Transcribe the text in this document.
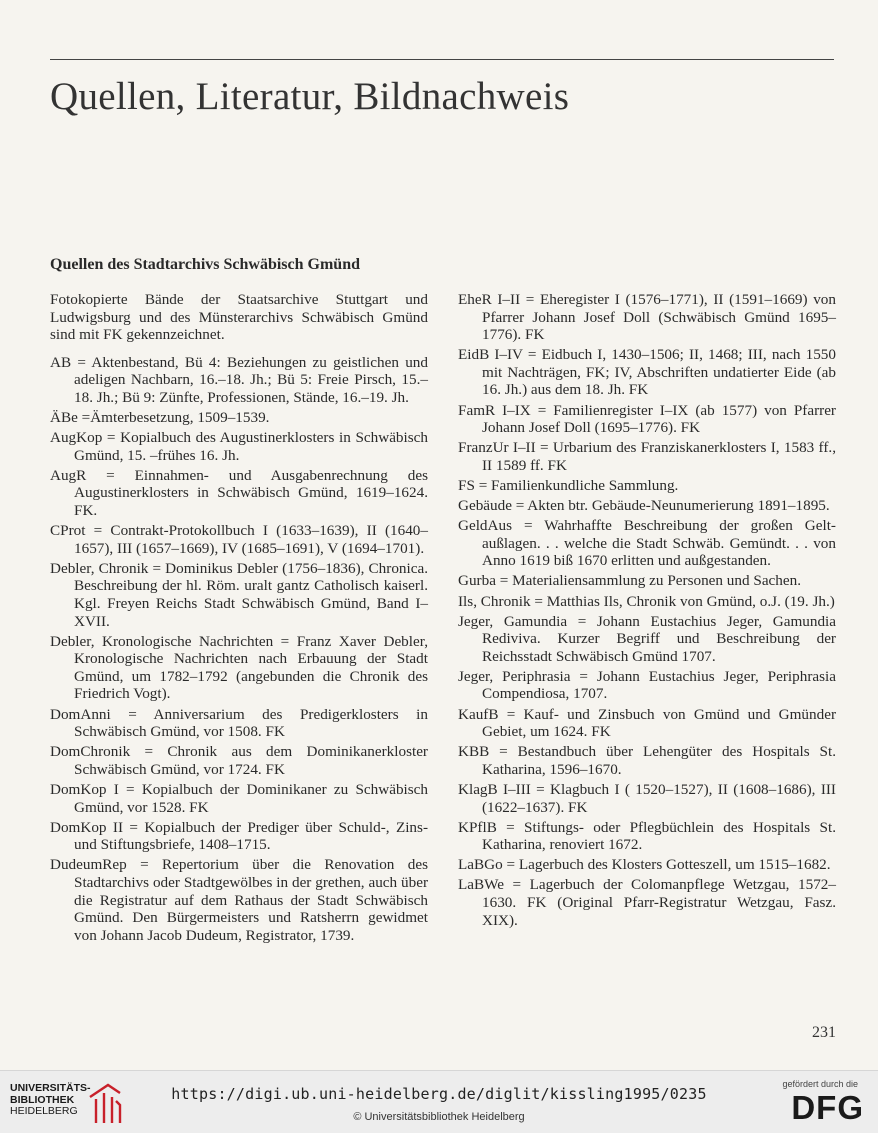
Quellen, Literatur, Bildnachweis
Quellen des Stadtarchivs Schwäbisch Gmünd

Fotokopierte Bände der Staatsarchive Stuttgart und Ludwigsburg und des Münsterarchivs Schwäbisch Gmünd sind mit FK gekennzeichnet.

AB = Aktenbestand, Bü 4: Beziehungen zu geistlichen und adeligen Nachbarn, 16.–18. Jh.; Bü 5: Freie Pirsch, 15.–18. Jh.; Bü 9: Zünfte, Professionen, Stände, 16.–19. Jh.

ÄBe =Ämterbesetzung, 1509–1539.

AugKop = Kopialbuch des Augustinerklosters in Schwäbisch Gmünd, 15. –frühes 16. Jh.

AugR = Einnahmen- und Ausgabenrechnung des Augustinerklosters in Schwäbisch Gmünd, 1619–1624. FK.

CProt = Contrakt-Protokollbuch I (1633–1639), II (1640–1657), III (1657–1669), IV (1685–1691), V (1694–1701).

Debler, Chronik = Dominikus Debler (1756–1836), Chronica. Beschreibung der hl. Röm. uralt gantz Catholisch kaiserl. Kgl. Freyen Reichs Stadt Schwäbisch Gmünd, Band I–XVII.

Debler, Kronologische Nachrichten = Franz Xaver Debler, Kronologische Nachrichten nach Erbauung der Stadt Gmünd, um 1782–1792 (angebunden die Chronik des Friedrich Vogt).

DomAnni = Anniversarium des Predigerklosters in Schwäbisch Gmünd, vor 1508. FK

DomChronik = Chronik aus dem Dominikanerkloster Schwäbisch Gmünd, vor 1724. FK

DomKop I = Kopialbuch der Dominikaner zu Schwäbisch Gmünd, vor 1528. FK

DomKop II = Kopialbuch der Prediger über Schuld-, Zins- und Stiftungsbriefe, 1408–1715.

DudeumRep = Repertorium über die Renovation des Stadtarchivs oder Stadtgewölbes in der grethen, auch über die Registratur auf dem Rathaus der Stadt Schwäbisch Gmünd. Den Bürgermeisters und Ratsherrn gewidmet von Johann Jacob Dudeum, Registrator, 1739.

EheR I–II = Eheregister I (1576–1771), II (1591–1669) von Pfarrer Johann Josef Doll (Schwäbisch Gmünd 1695–1776). FK

EidB I–IV = Eidbuch I, 1430–1506; II, 1468; III, nach 1550 mit Nachträgen, FK; IV, Abschriften undatierter Eide (ab 16. Jh.) aus dem 18. Jh. FK

FamR I–IX = Familienregister I–IX (ab 1577) von Pfarrer Johann Josef Doll (1695–1776). FK

FranzUr I–II = Urbarium des Franziskanerklosters I, 1583 ff., II 1589 ff. FK

FS = Familienkundliche Sammlung.

Gebäude = Akten btr. Gebäude-Neunumerierung 1891–1895.

GeldAus = Wahrhaffte Beschreibung der großen Gelt-außlagen. . . welche die Stadt Schwäb. Gemündt. . . von Anno 1619 biß 1670 erlitten und außgestanden.

Gurba = Materialiensammlung zu Personen und Sachen.

Ils, Chronik = Matthias Ils, Chronik von Gmünd, o.J. (19. Jh.)

Jeger, Gamundia = Johann Eustachius Jeger, Gamundia Rediviva. Kurzer Begriff und Beschreibung der Reichsstadt Schwäbisch Gmünd 1707.

Jeger, Periphrasia = Johann Eustachius Jeger, Periphrasia Compendiosa, 1707.

KaufB = Kauf- und Zinsbuch von Gmünd und Gmünder Gebiet, um 1624. FK

KBB = Bestandbuch über Lehengüter des Hospitals St. Katharina, 1596–1670.

KlagB I–III = Klagbuch I ( 1520–1527), II (1608–1686), III (1622–1637). FK

KPflB = Stiftungs- oder Pflegbüchlein des Hospitals St. Katharina, renoviert 1672.

LaBGo = Lagerbuch des Klosters Gotteszell, um 1515–1682.

LaBWe = Lagerbuch der Colomanpflege Wetzgau, 1572–1630. FK (Original Pfarr-Registratur Wetzgau, Fasz. XIX).

231
UNIVERSITÄTS-
BIBLIOTHEK
HEIDELBERG
https://digi.ub.uni-heidelberg.de/diglit/kissling1995/0235
© Universitätsbibliothek Heidelberg
gefördert durch die
DFG
